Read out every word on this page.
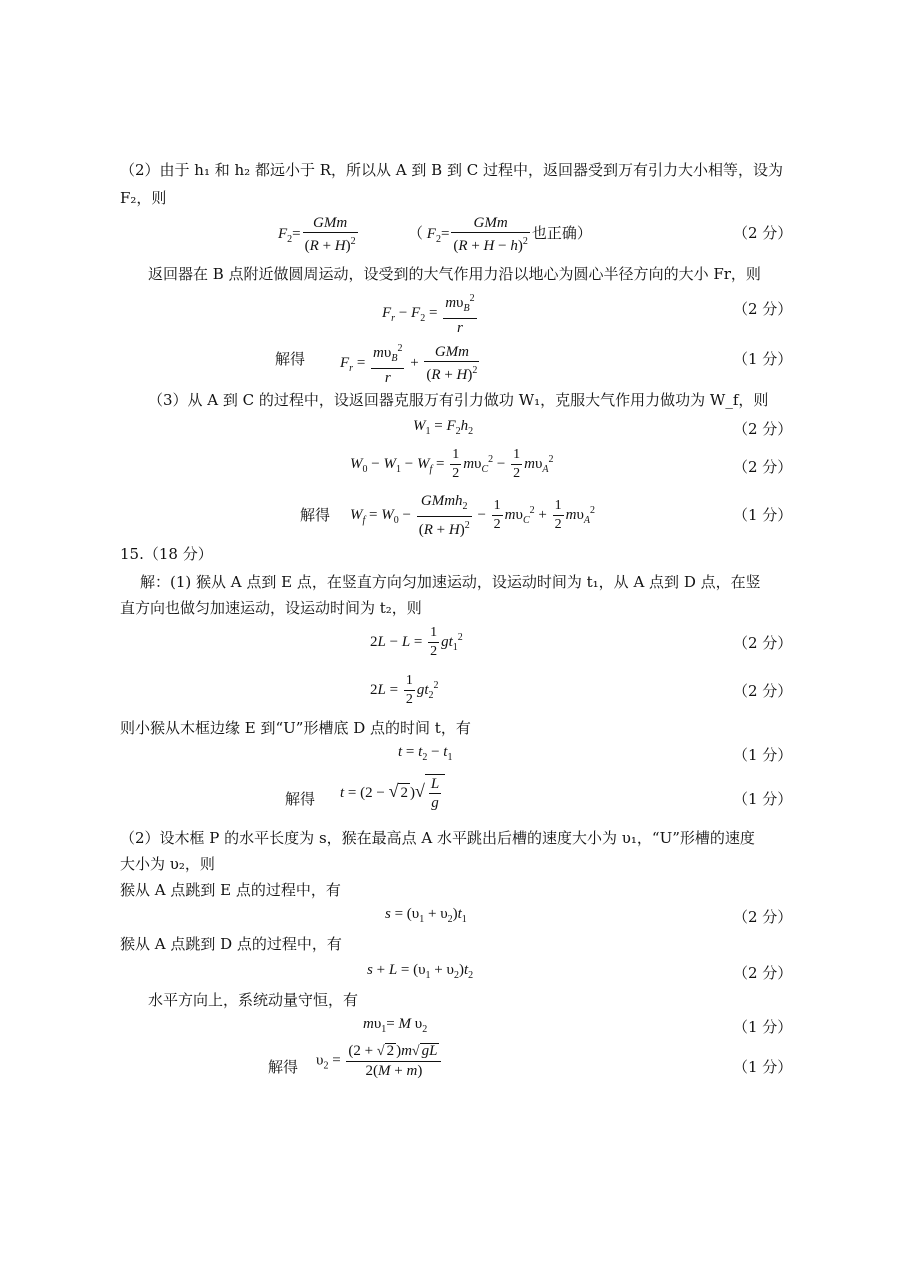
（2）由于 h₁ 和 h₂ 都远小于 R，所以从 A 到 B 到 C 过程中，返回器受到万有引力大小相等，设为
F₂，则
$F_2= \frac{\text{GMm}}{(R + H)^2}$	（ $F_2= \frac{\text{GMm}}{(R + H - h)^2}$ 也正确）	（2 分）
返回器在 B 点附近做圆周运动，设受到的大气作用力沿以地心为圆心半径方向的大小 Fr，则
$F_r - F_2 = \frac{m\upsilon_B^2}{r}$	（2 分）
解得 $F_r = \frac{m\upsilon_B^2}{r} + \frac{\text{GMm}}{(R + H)^2}$	（1 分）
（3）从 A 到 C 的过程中，设返回器克服万有引力做功 W₁，克服大气作用力做功为 W_f，则
$W_1 = F_2h_2$	（2 分）
$W_0 - W_1 - W_f = \frac{1}{2} m\upsilon_C^2 - \frac{1}{2} m\upsilon_A^2$	（2 分）
解得 $W_f = W_0 - \frac{GMmh_2}{(R + H)^2} - \frac{1}{2} m\upsilon_C^2 + \frac{1}{2} m\upsilon_A^2$	（1 分）
15.（18 分）
解：(1) 猴从 A 点到 E 点，在竖直方向匀加速运动，设运动时间为 t₁，从 A 点到 D 点，在竖
直方向也做匀加速运动，设运动时间为 t₂，则
$2L - L = \frac{1}{2} gt_1^2$	（2 分）
$2L = \frac{1}{2} gt_2^2$	（2 分）
则小猴从木框边缘 E 到“U”形槽底 D 点的时间 t，有
$t = t_2 - t_1$	（1 分）
解得 t = (2 − √ 2 )√ $\frac{L}{g}$	（1 分）
（2）设木框 P 的水平长度为 s，猴在最高点 A 水平跳出后槽的速度大小为 υ₁，“U”形槽的速度
大小为 υ₂，则
猴从 A 点跳到 E 点的过程中，有
$s = (\upsilon_1 + \upsilon_2)t_1$	（2 分）
猴从 A 点跳到 D 点的过程中，有
$s + L = (\upsilon_1 + \upsilon_2)t_2$	（2 分）
水平方向上，系统动量守恒，有
$m\upsilon_1= M$ $\upsilon_2$	（1 分）
解得 $\upsilon_2 = \frac{(2 + √ 2 )m√ gL}{2(M + m)}$	（1 分）
